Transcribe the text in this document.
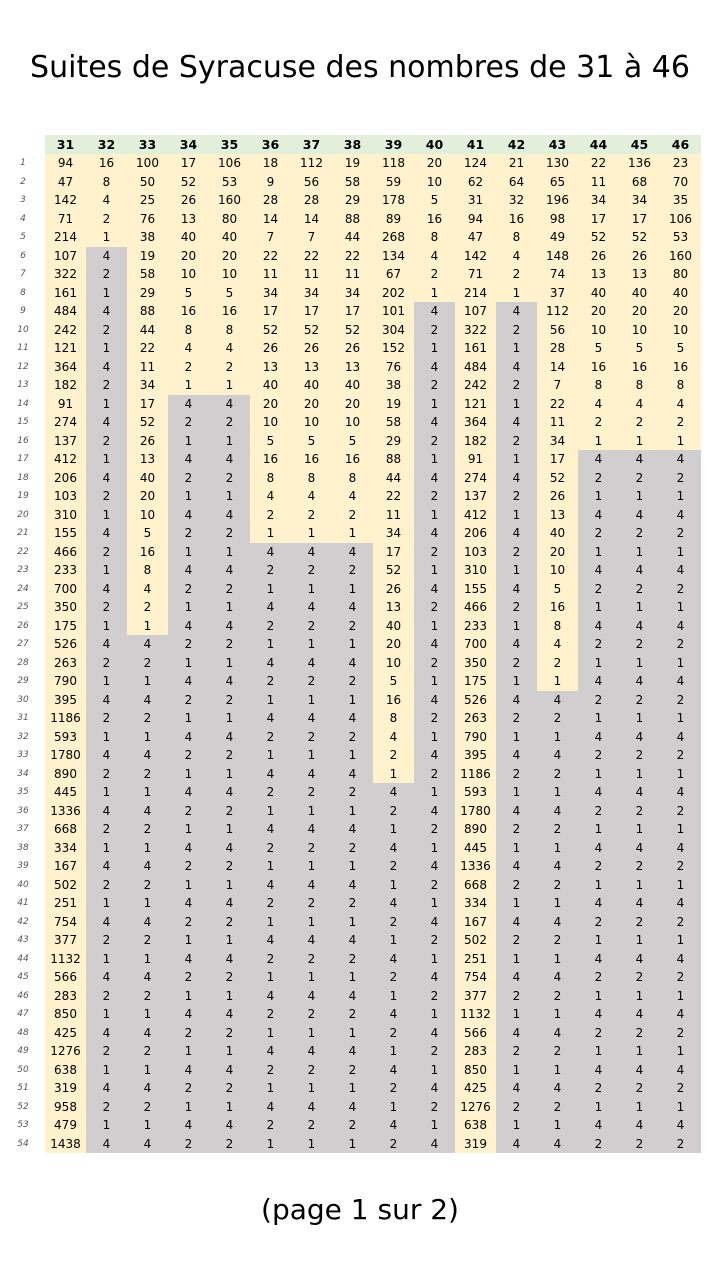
Suites de Syracuse des nombres de 31 à 46
31	32	33	34	35	36	37	38	39	40	41	42	43	44	45	46
1	94	16	100	17	106	18	112	19	118	20	124	21	130	22	136	23
2	47	8	50	52	53	9	56	58	59	10	62	64	65	11	68	70
3	142	4	25	26	160	28	28	29	178	5	31	32	196	34	34	35
4	71	2	76	13	80	14	14	88	89	16	94	16	98	17	17	106
5	214	1	38	40	40	7	7	44	268	8	47	8	49	52	52	53
6	107	4	19	20	20	22	22	22	134	4	142	4	148	26	26	160
7	322	2	58	10	10	11	11	11	67	2	71	2	74	13	13	80
8	161	1	29	5	5	34	34	34	202	1	214	1	37	40	40	40
9	484	4	88	16	16	17	17	17	101	4	107	4	112	20	20	20
10	242	2	44	8	8	52	52	52	304	2	322	2	56	10	10	10
11	121	1	22	4	4	26	26	26	152	1	161	1	28	5	5	5
12	364	4	11	2	2	13	13	13	76	4	484	4	14	16	16	16
13	182	2	34	1	1	40	40	40	38	2	242	2	7	8	8	8
14	91	1	17	4	4	20	20	20	19	1	121	1	22	4	4	4
15	274	4	52	2	2	10	10	10	58	4	364	4	11	2	2	2
16	137	2	26	1	1	5	5	5	29	2	182	2	34	1	1	1
17	412	1	13	4	4	16	16	16	88	1	91	1	17	4	4	4
18	206	4	40	2	2	8	8	8	44	4	274	4	52	2	2	2
19	103	2	20	1	1	4	4	4	22	2	137	2	26	1	1	1
20	310	1	10	4	4	2	2	2	11	1	412	1	13	4	4	4
21	155	4	5	2	2	1	1	1	34	4	206	4	40	2	2	2
22	466	2	16	1	1	4	4	4	17	2	103	2	20	1	1	1
23	233	1	8	4	4	2	2	2	52	1	310	1	10	4	4	4
24	700	4	4	2	2	1	1	1	26	4	155	4	5	2	2	2
25	350	2	2	1	1	4	4	4	13	2	466	2	16	1	1	1
26	175	1	1	4	4	2	2	2	40	1	233	1	8	4	4	4
27	526	4	4	2	2	1	1	1	20	4	700	4	4	2	2	2
28	263	2	2	1	1	4	4	4	10	2	350	2	2	1	1	1
29	790	1	1	4	4	2	2	2	5	1	175	1	1	4	4	4
30	395	4	4	2	2	1	1	1	16	4	526	4	4	2	2	2
31	1186	2	2	1	1	4	4	4	8	2	263	2	2	1	1	1
32	593	1	1	4	4	2	2	2	4	1	790	1	1	4	4	4
33	1780	4	4	2	2	1	1	1	2	4	395	4	4	2	2	2
34	890	2	2	1	1	4	4	4	1	2	1186	2	2	1	1	1
35	445	1	1	4	4	2	2	2	4	1	593	1	1	4	4	4
36	1336	4	4	2	2	1	1	1	2	4	1780	4	4	2	2	2
37	668	2	2	1	1	4	4	4	1	2	890	2	2	1	1	1
38	334	1	1	4	4	2	2	2	4	1	445	1	1	4	4	4
39	167	4	4	2	2	1	1	1	2	4	1336	4	4	2	2	2
40	502	2	2	1	1	4	4	4	1	2	668	2	2	1	1	1
41	251	1	1	4	4	2	2	2	4	1	334	1	1	4	4	4
42	754	4	4	2	2	1	1	1	2	4	167	4	4	2	2	2
43	377	2	2	1	1	4	4	4	1	2	502	2	2	1	1	1
44	1132	1	1	4	4	2	2	2	4	1	251	1	1	4	4	4
45	566	4	4	2	2	1	1	1	2	4	754	4	4	2	2	2
46	283	2	2	1	1	4	4	4	1	2	377	2	2	1	1	1
47	850	1	1	4	4	2	2	2	4	1	1132	1	1	4	4	4
48	425	4	4	2	2	1	1	1	2	4	566	4	4	2	2	2
49	1276	2	2	1	1	4	4	4	1	2	283	2	2	1	1	1
50	638	1	1	4	4	2	2	2	4	1	850	1	1	4	4	4
51	319	4	4	2	2	1	1	1	2	4	425	4	4	2	2	2
52	958	2	2	1	1	4	4	4	1	2	1276	2	2	1	1	1
53	479	1	1	4	4	2	2	2	4	1	638	1	1	4	4	4
54	1438	4	4	2	2	1	1	1	2	4	319	4	4	2	2	2
(page 1 sur 2)
